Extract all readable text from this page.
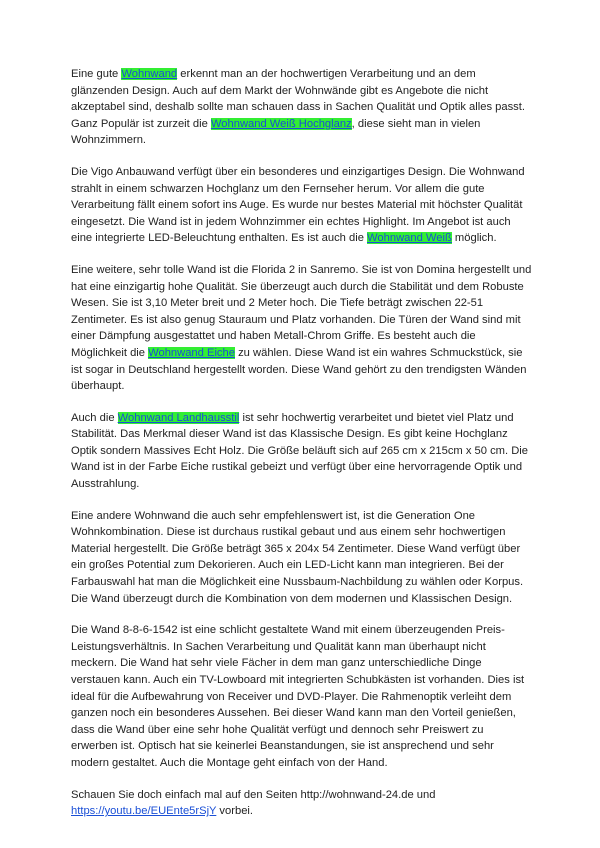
Eine gute Wohnwand erkennt man an der hochwertigen Verarbeitung und an dem glänzenden Design. Auch auf dem Markt der Wohnwände gibt es Angebote die nicht akzeptabel sind, deshalb sollte man schauen dass in Sachen Qualität und Optik alles passt. Ganz Populär ist zurzeit die Wohnwand Weiß Hochglanz, diese sieht man in vielen Wohnzimmern.

Die Vigo Anbauwand verfügt über ein besonderes und einzigartiges Design. Die Wohnwand strahlt in einem schwarzen Hochglanz um den Fernseher herum. Vor allem die gute Verarbeitung fällt einem sofort ins Auge. Es wurde nur bestes Material mit höchster Qualität eingesetzt. Die Wand ist in jedem Wohnzimmer ein echtes Highlight. Im Angebot ist auch eine integrierte LED-Beleuchtung enthalten. Es ist auch die Wohnwand Weiß möglich.

Eine weitere, sehr tolle Wand ist die Florida 2 in Sanremo. Sie ist von Domina hergestellt und hat eine einzigartig hohe Qualität. Sie überzeugt auch durch die Stabilität und dem Robuste Wesen. Sie ist 3,10 Meter breit und 2 Meter hoch. Die Tiefe beträgt zwischen 22-51 Zentimeter. Es ist also genug Stauraum und Platz vorhanden. Die Türen der Wand sind mit einer Dämpfung ausgestattet und haben Metall-Chrom Griffe. Es besteht auch die Möglichkeit die Wohnwand Eiche zu wählen. Diese Wand ist ein wahres Schmuckstück, sie ist sogar in Deutschland hergestellt worden. Diese Wand gehört zu den trendigsten Wänden überhaupt.

Auch die Wohnwand Landhausstil ist sehr hochwertig verarbeitet und bietet viel Platz und Stabilität. Das Merkmal dieser Wand ist das Klassische Design. Es gibt keine Hochglanz Optik sondern Massives Echt Holz. Die Größe beläuft sich auf 265 cm x 215cm x 50 cm. Die Wand ist in der Farbe Eiche rustikal gebeizt und verfügt über eine hervorragende Optik und Ausstrahlung.

Eine andere Wohnwand die auch sehr empfehlenswert ist, ist die Generation One Wohnkombination. Diese ist durchaus rustikal gebaut und aus einem sehr hochwertigen Material hergestellt. Die Größe beträgt 365 x 204x 54 Zentimeter. Diese Wand verfügt über ein großes Potential zum Dekorieren. Auch ein LED-Licht kann man integrieren. Bei der Farbauswahl hat man die Möglichkeit eine Nussbaum-Nachbildung zu wählen oder Korpus. Die Wand überzeugt durch die Kombination von dem modernen und Klassischen Design.

Die Wand 8-8-6-1542 ist eine schlicht gestaltete Wand mit einem überzeugenden Preis-Leistungsverhältnis. In Sachen Verarbeitung und Qualität kann man überhaupt nicht meckern. Die Wand hat sehr viele Fächer in dem man ganz unterschiedliche Dinge verstauen kann. Auch ein TV-Lowboard mit integrierten Schubkästen ist vorhanden. Dies ist ideal für die Aufbewahrung von Receiver und DVD-Player. Die Rahmenoptik verleiht dem ganzen noch ein besonderes Aussehen. Bei dieser Wand kann man den Vorteil genießen, dass die Wand über eine sehr hohe Qualität verfügt und dennoch sehr Preiswert zu erwerben ist. Optisch hat sie keinerlei Beanstandungen, sie ist ansprechend und sehr modern gestaltet. Auch die Montage geht einfach von der Hand.

Schauen Sie doch einfach mal auf den Seiten http://wohnwand-24.de und https://youtu.be/EUEnte5rSjY vorbei.
